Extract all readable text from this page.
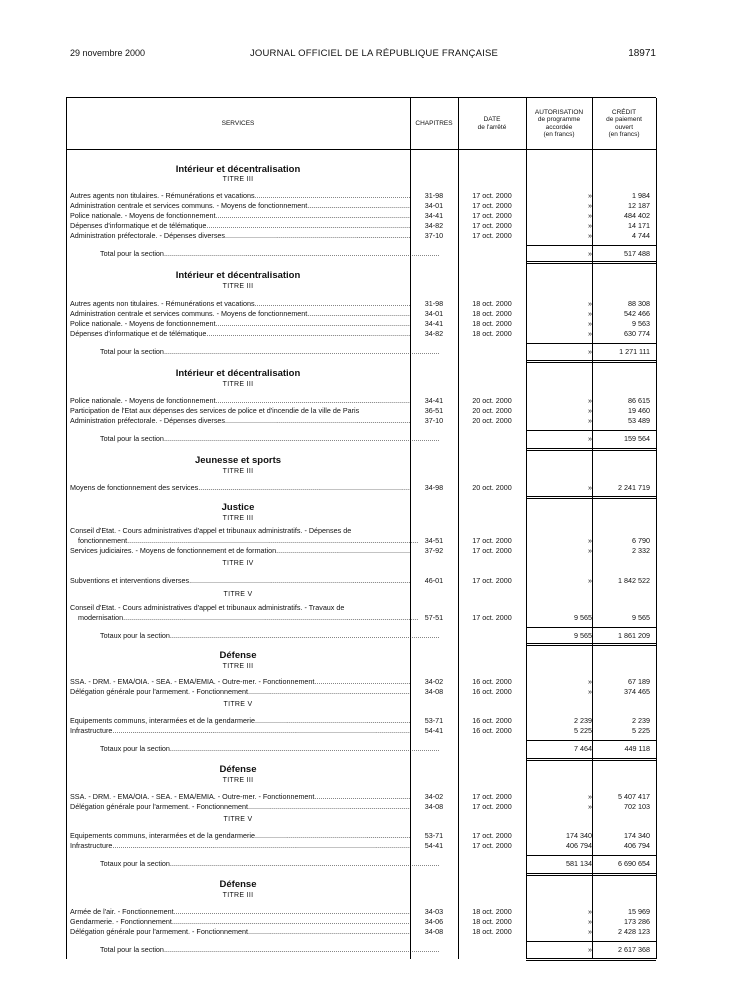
29 novembre 2000	JOURNAL OFFICIEL DE LA RÉPUBLIQUE FRANÇAISE	18971
SERVICES	CHAPITRES
DATE
de l'arrêté
AUTORISATION
de programme
accordée
(en francs)
CRÉDIT
de paiement
ouvert
(en francs)
Intérieur et décentralisation
TITRE III
Autres agents non titulaires. - Rémunérations et vacations .....	31-98	17 oct. 2000	»	1 984
Administration centrale et services communs. - Moyens de fonctionnement .....	34-01	17 oct. 2000	»	12 187
Police nationale. - Moyens de fonctionnement .....	34-41	17 oct. 2000	»	484 402
Dépenses d'informatique et de télématique .....	34-82	17 oct. 2000	»	14 171
Administration préfectorale. - Dépenses diverses .....	37-10	17 oct. 2000	»	4 744
Total pour la section .....	»	517 488
Intérieur et décentralisation
TITRE III
Autres agents non titulaires. - Rémunérations et vacations .....	31-98	18 oct. 2000	»	88 308
Administration centrale et services communs. - Moyens de fonctionnement .....	34-01	18 oct. 2000	»	542 466
Police nationale. - Moyens de fonctionnement .....	34-41	18 oct. 2000	»	9 563
Dépenses d'informatique et de télématique .....	34-82	18 oct. 2000	»	630 774
Total pour la section .....	»	1 271 111
Intérieur et décentralisation
TITRE III
Police nationale. - Moyens de fonctionnement .....	34-41	20 oct. 2000	»	86 615
Participation de l'Etat aux dépenses des services de police et d'incendie de la ville de Paris	36-51	20 oct. 2000	»	19 460
Administration préfectorale. - Dépenses diverses .....	37-10	20 oct. 2000	»	53 489
Total pour la section .....	»	159 564
Jeunesse et sports
TITRE III
Moyens de fonctionnement des services .....	34-98	20 oct. 2000	»	2 241 719
Justice
TITRE III
Conseil d'Etat. - Cours administratives d'appel et tribunaux administratifs. - Dépenses de
fonctionnement .....	34-51	17 oct. 2000	»	6 790
Services judiciaires. - Moyens de fonctionnement et de formation .....	37-92	17 oct. 2000	»	2 332
TITRE IV
Subventions et interventions diverses .....	46-01	17 oct. 2000	»	1 842 522
TITRE V
Conseil d'Etat. - Cours administratives d'appel et tribunaux administratifs. - Travaux de
modernisation .....	57-51	17 oct. 2000	9 565	9 565
Totaux pour la section .....	9 565	1 861 209
Défense
TITRE III
SSA. - DRM. - EMA/OIA. - SEA. - EMA/EMIA. - Outre-mer. - Fonctionnement .....	34-02	16 oct. 2000	»	67 189
Délégation générale pour l'armement. - Fonctionnement .....	34-08	16 oct. 2000	»	374 465
TITRE V
Equipements communs, interarmées et de la gendarmerie .....	53-71	16 oct. 2000	2 239	2 239
Infrastructure .....	54-41	16 oct. 2000	5 225	5 225
Totaux pour la section .....	7 464	449 118
Défense
TITRE III
SSA. - DRM. - EMA/OIA. - SEA. - EMA/EMIA. - Outre-mer. - Fonctionnement .....	34-02	17 oct. 2000	»	5 407 417
Délégation générale pour l'armement. - Fonctionnement .....	34-08	17 oct. 2000	»	702 103
TITRE V
Equipements communs, interarmées et de la gendarmerie .....	53-71	17 oct. 2000	174 340	174 340
Infrastructure .....	54-41	17 oct. 2000	406 794	406 794
Totaux pour la section .....	581 134	6 690 654
Défense
TITRE III
Armée de l'air. - Fonctionnement .....	34-03	18 oct. 2000	»	15 969
Gendarmerie. - Fonctionnement .....	34-06	18 oct. 2000	»	173 286
Délégation générale pour l'armement. - Fonctionnement .....	34-08	18 oct. 2000	»	2 428 123
Total pour la section .....	»	2 617 368
